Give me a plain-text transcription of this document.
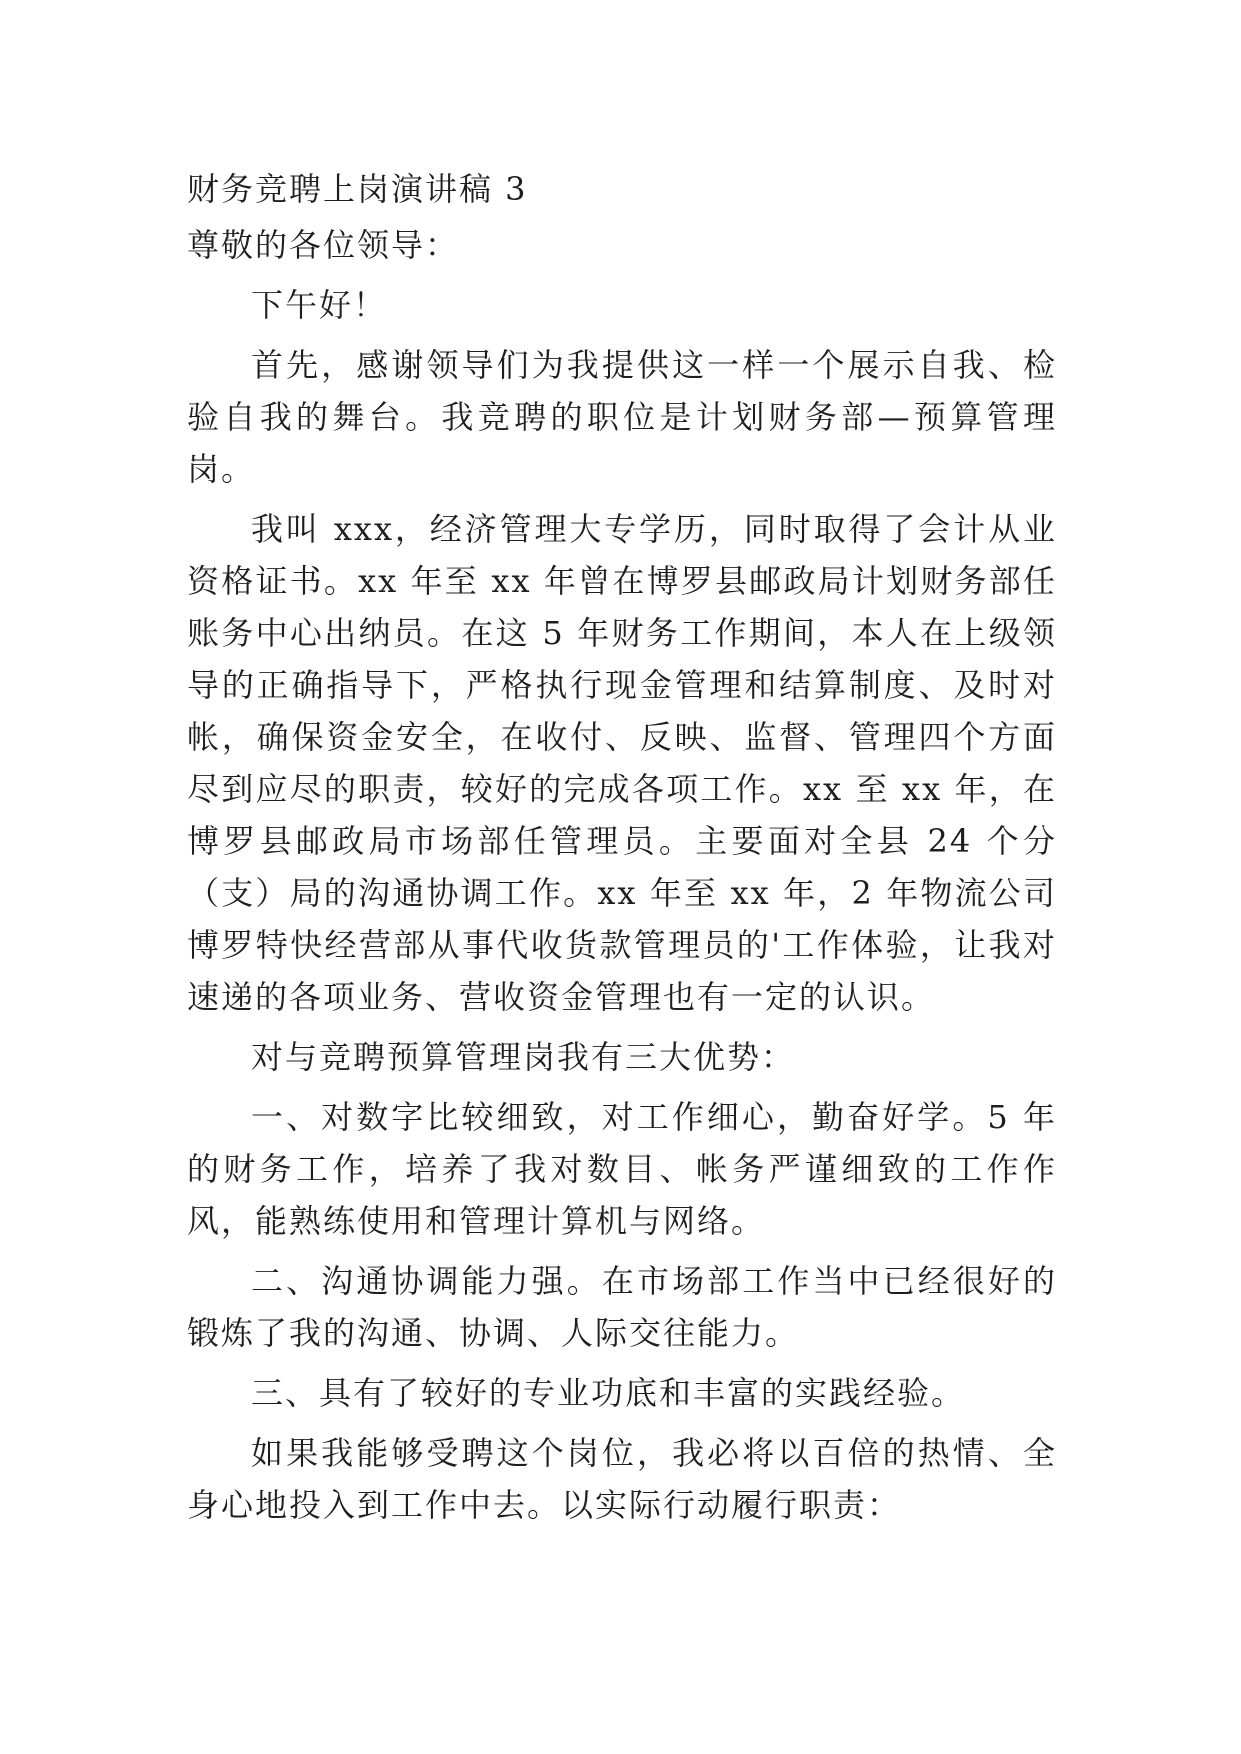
财务竞聘上岗演讲稿 3

尊敬的各位领导：

下午好！

首先，感谢领导们为我提供这一样一个展示自我、检验自我的舞台。我竞聘的职位是计划财务部—预算管理岗。

我叫 xxx，经济管理大专学历，同时取得了会计从业资格证书。xx 年至 xx 年曾在博罗县邮政局计划财务部任账务中心出纳员。在这 5 年财务工作期间，本人在上级领导的正确指导下，严格执行现金管理和结算制度、及时对帐，确保资金安全，在收付、反映、监督、管理四个方面尽到应尽的职责，较好的完成各项工作。xx 至 xx 年，在博罗县邮政局市场部任管理员。主要面对全县 24 个分（支）局的沟通协调工作。xx 年至 xx 年，2 年物流公司博罗特快经营部从事代收货款管理员的'工作体验，让我对速递的各项业务、营收资金管理也有一定的认识。

对与竞聘预算管理岗我有三大优势：

一、对数字比较细致，对工作细心，勤奋好学。5 年的财务工作，培养了我对数目、帐务严谨细致的工作作风，能熟练使用和管理计算机与网络。

二、沟通协调能力强。在市场部工作当中已经很好的锻炼了我的沟通、协调、人际交往能力。

三、具有了较好的专业功底和丰富的实践经验。

如果我能够受聘这个岗位，我必将以百倍的热情、全身心地投入到工作中去。以实际行动履行职责：
